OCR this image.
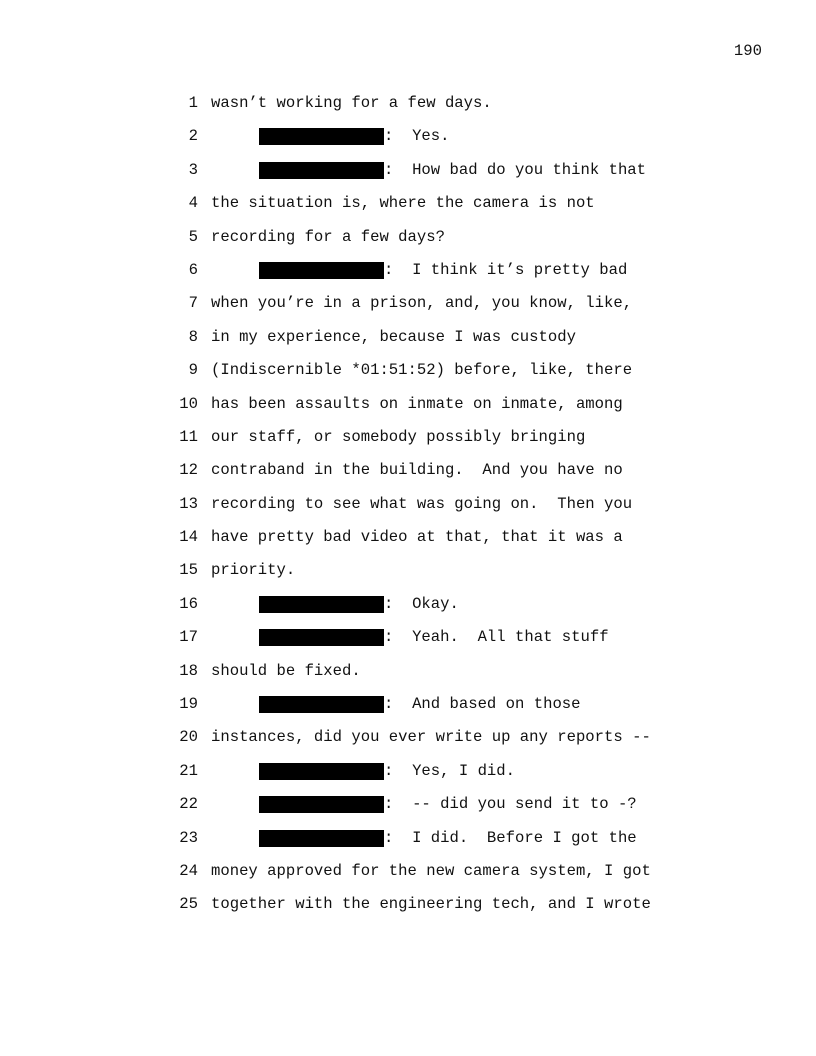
190
1 wasn’t working for a few days.
2	:  Yes.
3	:  How bad do you think that
4 the situation is, where the camera is not
5 recording for a few days?
6	:  I think it’s pretty bad
7 when you’re in a prison, and, you know, like,
8 in my experience, because I was custody
9 (Indiscernible *01:51:52) before, like, there
10 has been assaults on inmate on inmate, among
11 our staff, or somebody possibly bringing
12 contraband in the building.  And you have no
13 recording to see what was going on.  Then you
14 have pretty bad video at that, that it was a
15 priority.
16	:  Okay.
17	:  Yeah.  All that stuff
18 should be fixed.
19	:  And based on those
20 instances, did you ever write up any reports --
21	:  Yes, I did.
22	:  -- did you send it to -?
23	:  I did.  Before I got the
24 money approved for the new camera system, I got
25 together with the engineering tech, and I wrote
